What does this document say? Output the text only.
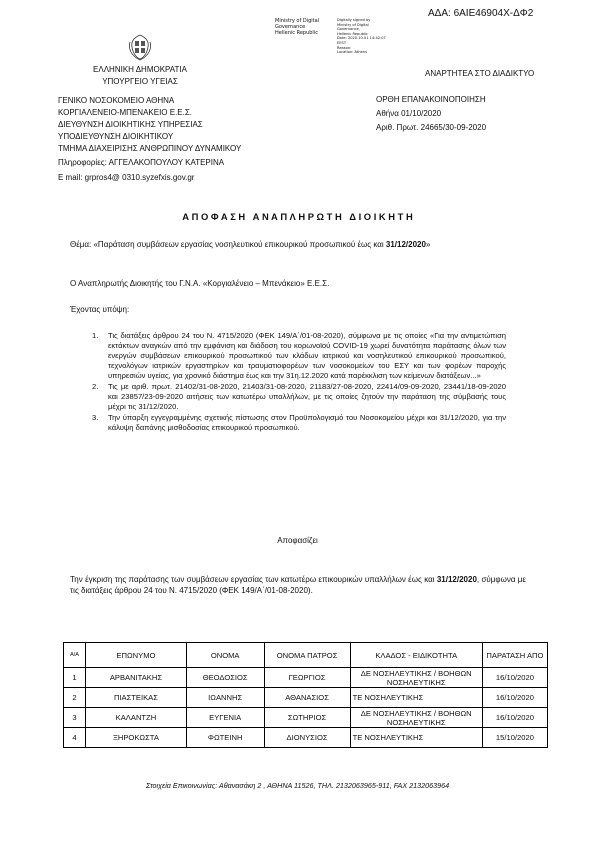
ΑΔΑ: 6ΑΙΕ46904Χ-ΔΦ2
Ministry of Digital
Governance
Hellenic Republic
Digitally signed by
Ministry of Digital
Governance,
Hellenic Republic
Date: 2020.10.01 14:42:07
EEST
Reason:
Location: Athens
ΕΛΛΗΝΙΚΗ ΔΗΜΟΚΡΑΤΙΑ
ΥΠΟΥΡΓΕΙΟ ΥΓΕΙΑΣ
ΓΕΝΙΚΟ ΝΟΣΟΚΟΜΕΙΟ ΑΘΗΝΑ
ΚΟΡΓΙΑΛΕΝΕΙΟ-ΜΠΕΝΑΚΕΙΟ Ε.Ε.Σ.
ΔΙΕΥΘΥΝΣΗ ΔΙΟΙΚΗΤΙΚΗΣ ΥΠΗΡΕΣΙΑΣ
ΥΠΟΔΙΕΥΘΥΝΣΗ ΔΙΟΙΚΗΤΙΚΟΥ
ΤΜΗΜΑ ΔΙΑΧΕΙΡΙΣΗΣ ΑΝΘΡΩΠΙΝΟΥ ΔΥΝΑΜΙΚΟΥ
Πληροφορίες: ΑΓΓΕΛΑΚΟΠΟΥΛΟΥ ΚΑΤΕΡΙΝΑ
E mail: grpros4@ 0310.syzefxis.gov.gr
ΑΝΑΡΤΗΤΕΑ ΣΤΟ ΔΙΑΔΙΚΤΥΟ
ΟΡΘΗ ΕΠΑΝΑΚΟΙΝΟΠΟΙΗΣΗ
Αθήνα 01/10/2020
Αριθ. Πρωτ. 24665/30-09-2020
Α Π Ο Φ Α Σ Η   Α Ν Α Π Λ Η Ρ Ω Τ Η   Δ Ι Ο Ι Κ Η Τ Η
Θέμα: «Παράταση συμβάσεων εργασίας νοσηλευτικού επικουρικού προσωπικού έως και 31/12/2020»
Ο Αναπληρωτής Διοικητής του Γ.Ν.Α. «Κοργιαλένειο – Μπενάκειο» Ε.Ε.Σ.
Έχοντας υπόψη:
1. Τις διατάξεις άρθρου 24 του Ν. 4715/2020 (ΦΕΚ 149/Α΄/01-08-2020), σύμφωνα με τις οποίες «Για την αντιμετώπιση εκτάκτων αναγκών από την εμφάνιση και διάδοση του κορωνοϊού COVID-19 χωρεί δυνατότητα παράτασης όλων των ενεργών συμβάσεων επικουρικού προσωπικού των κλάδων ιατρικού και νοσηλευτικού επικουρικού προσωπικού, τεχνολόγων ιατρικών εργαστηρίων και τραυματιοφορέων των νοσοκομείων του ΕΣΥ και των φορέων παροχής υπηρεσιών υγείας, για χρονικό διάστημα έως και την 31η.12.2020 κατά παρέκκλιση των κείμενων διατάξεων...»
2. Τις με αριθ. πρωτ. 21402/31-08-2020, 21403/31-08-2020, 21183/27-08-2020, 22414/09-09-2020, 23441/18-09-2020 και 23857/23-09-2020 αιτήσεις των κατωτέρω υπαλλήλων, με τις οποίες ζητούν την παράταση της σύμβασής τους μέχρι τις 31/12/2020.
3. Την ύπαρξη εγγεγραμμένης σχετικής πίστωσης στον Προϋπολογισμό του Νοσοκομείου μέχρι και 31/12/2020, για την κάλυψη δαπάνης μισθοδοσίας επικουρικού προσωπικού.
Αποφασίζει
Την έγκριση της παράτασης των συμβάσεων εργασίας των κατωτέρω επικουρικών υπαλλήλων έως και 31/12/2020, σύμφωνα με τις διατάξεις άρθρου 24 του Ν. 4715/2020 (ΦΕΚ 149/Α΄/01-08-2020).
Α/Α	ΕΠΩΝΥΜΟ	ΟΝΟΜΑ	ΟΝΟΜΑ ΠΑΤΡΟΣ	ΚΛΑΔΟΣ - ΕΙΔΙΚΟΤΗΤΑ	ΠΑΡΑΤΑΣΗ ΑΠΟ
1	ΑΡΒΑΝΙΤΑΚΗΣ	ΘΕΟΔΟΣΙΟΣ	ΓΕΩΡΓΙΟΣ	ΔΕ ΝΟΣΗΛΕΥΤΙΚΗΣ / ΒΟΗΘΩΝ ΝΟΣΗΛΕΥΤΙΚΗΣ	16/10/2020
2	ΠΙΑΣΤΕΙΚΑΣ	ΙΩΑΝΝΗΣ	ΑΘΑΝΑΣΙΟΣ	ΤΕ ΝΟΣΗΛΕΥΤΙΚΗΣ	16/10/2020
3	ΚΑΛΑΝΤΖΗ	ΕΥΓΕΝΙΑ	ΣΩΤΗΡΙΟΣ	ΔΕ ΝΟΣΗΛΕΥΤΙΚΗΣ / ΒΟΗΘΩΝ ΝΟΣΗΛΕΥΤΙΚΗΣ	16/10/2020
4	ΞΗΡΟΚΩΣΤΑ	ΦΩΤΕΙΝΗ	ΔΙΟΝΥΣΙΟΣ	ΤΕ ΝΟΣΗΛΕΥΤΙΚΗΣ	15/10/2020
Στοιχεία Επικοινωνίας: Αθανασάκη 2 , ΑΘΗΝΑ 11526, ΤΗΛ. 2132063965-911, FAX 2132063964
